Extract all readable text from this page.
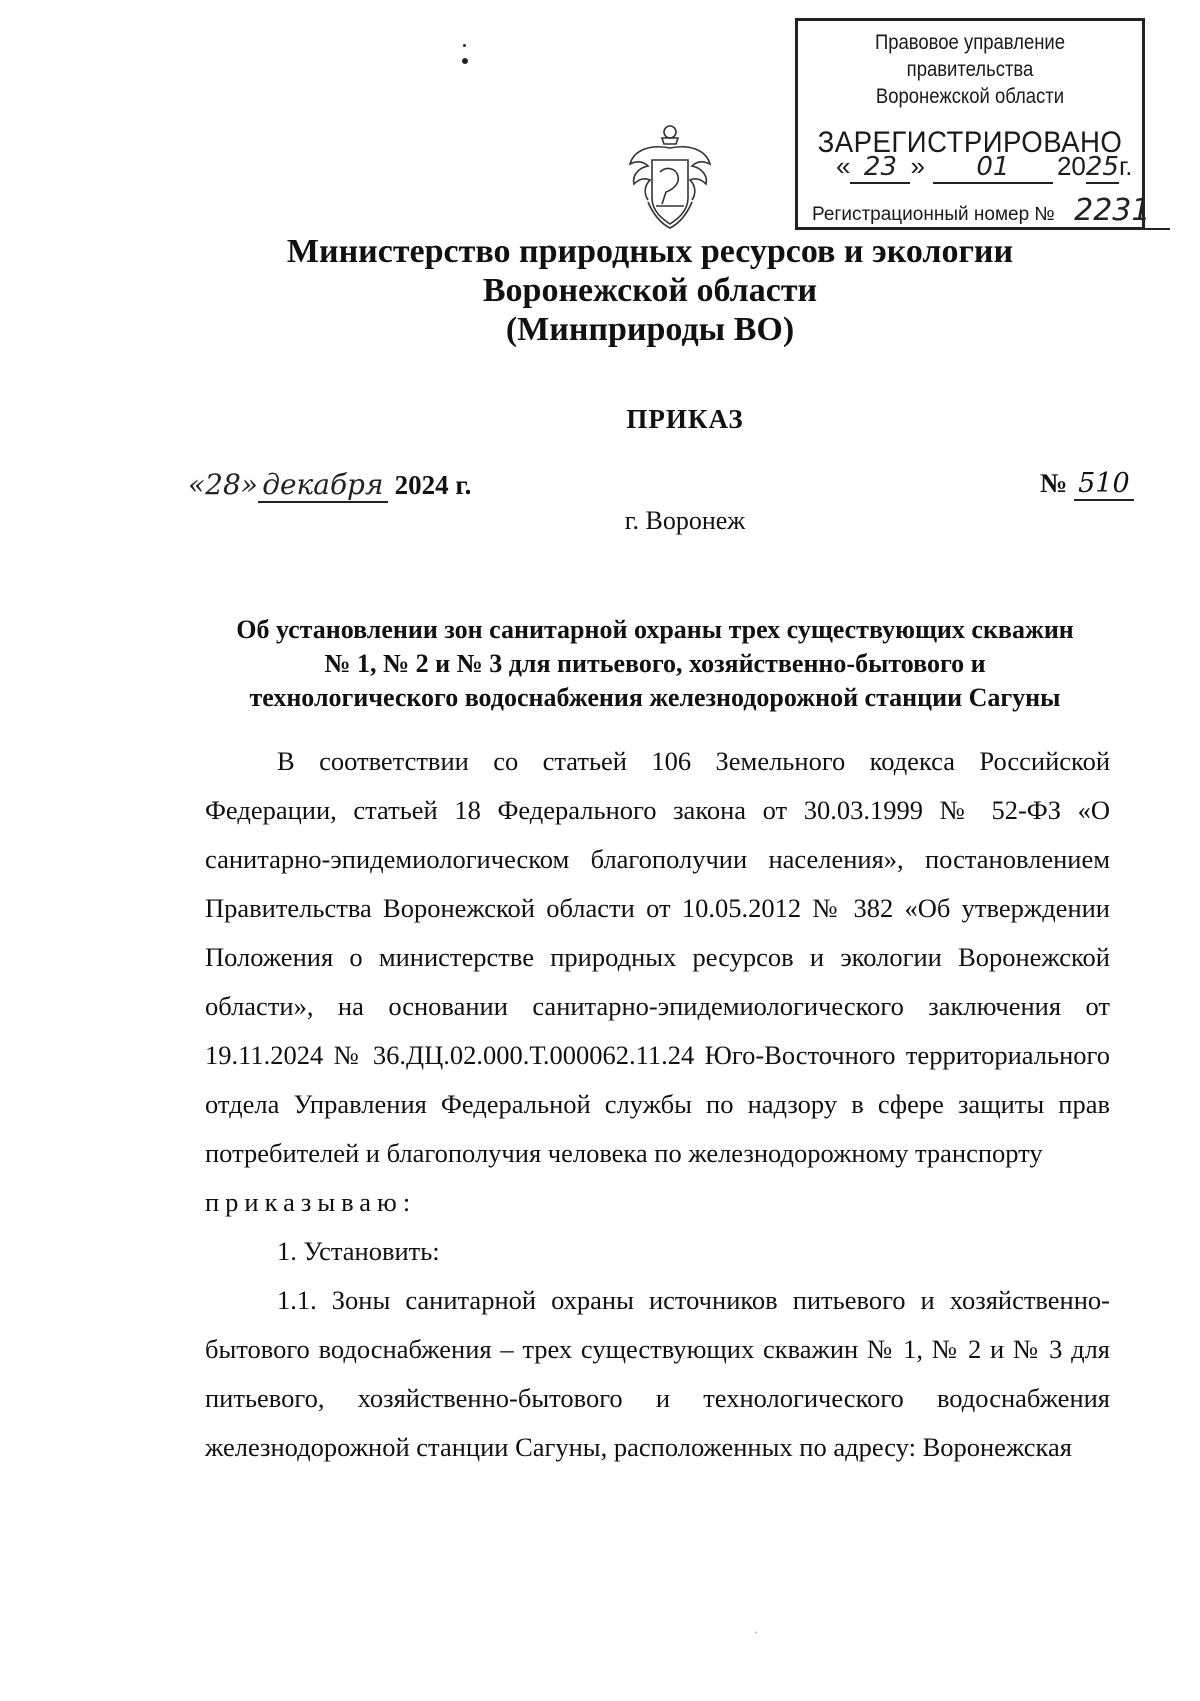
Правовое управление правительства
Воронежской области
ЗАРЕГИСТРИРОВАНО
« 23 » 01 2025г.
Регистрационный номер № 2231
Министерство природных ресурсов и экологии
Воронежской области
(Минприроды ВО)
ПРИКАЗ
«28» декабря 2024 г.	№ 510
г. Воронеж
Об установлении зон санитарной охраны трех существующих скважин
№ 1, № 2 и № 3 для питьевого, хозяйственно-бытового и
технологического водоснабжения железнодорожной станции Сагуны

В соответствии со статьей 106 Земельного кодекса Российской Федерации, статьей 18 Федерального закона от 30.03.1999 № 52-ФЗ «О санитарно-эпидемиологическом благополучии населения», постановлением Правительства Воронежской области от 10.05.2012 № 382 «Об утверждении Положения о министерстве природных ресурсов и экологии Воронежской области», на основании санитарно-эпидемиологического заключения от 19.11.2024 № 36.ДЦ.02.000.Т.000062.11.24 Юго-Восточного территориального отдела Управления Федеральной службы по надзору в сфере защиты прав потребителей и благополучия человека по железнодорожному транспорту

приказываю:

1. Установить:

1.1. Зоны санитарной охраны источников питьевого и хозяйственно-бытового водоснабжения – трех существующих скважин № 1, № 2 и № 3 для питьевого, хозяйственно-бытового и технологического водоснабжения железнодорожной станции Сагуны, расположенных по адресу: Воронежская

·
